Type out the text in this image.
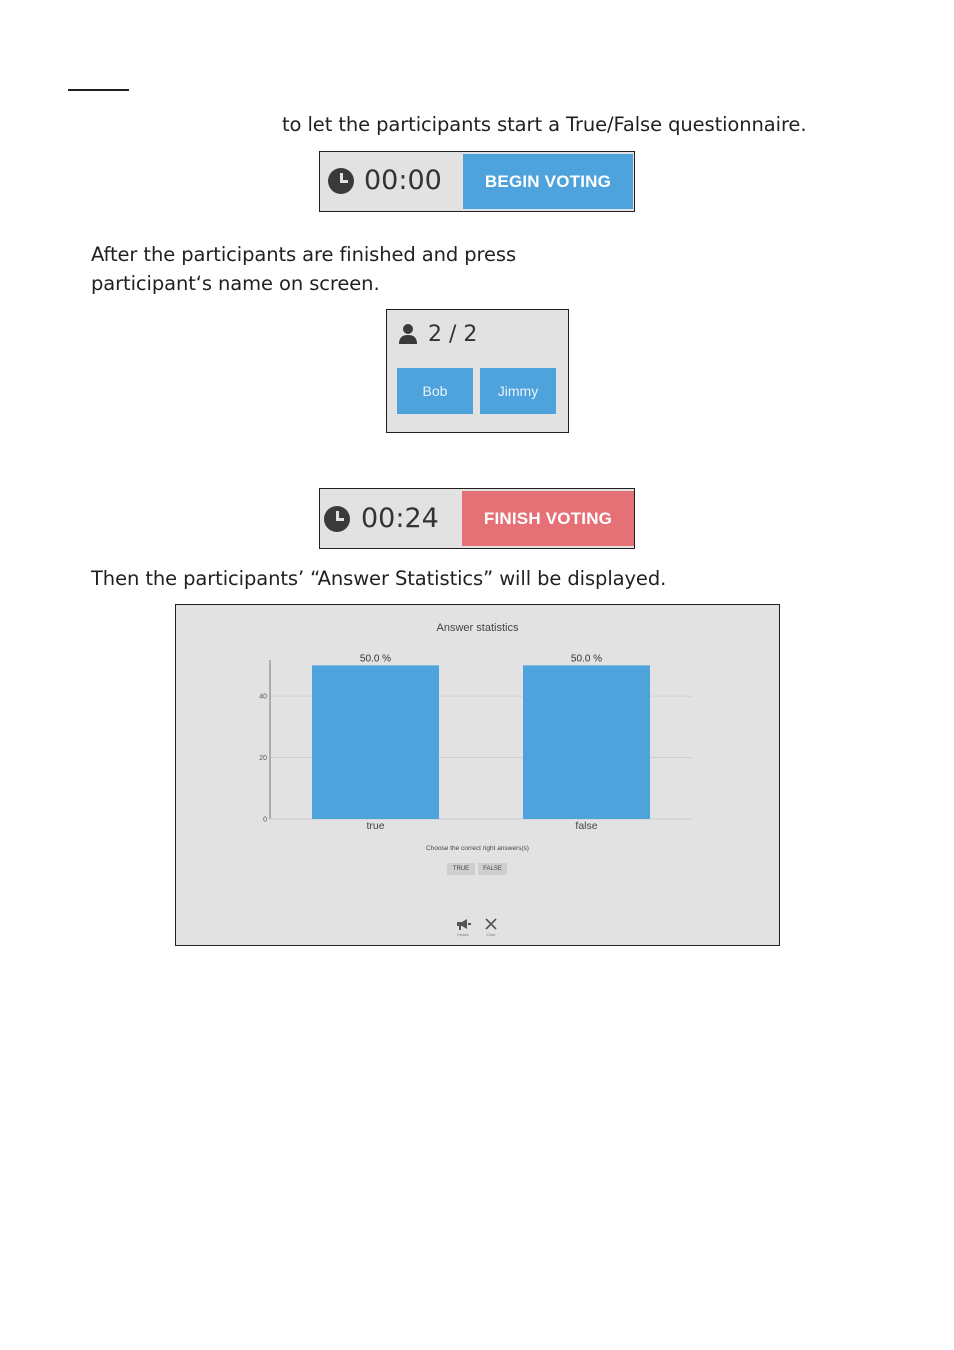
to let the participants start a True/False questionnaire.
00:00	BEGIN VOTING
After the participants are finished and press
participant‘s name on screen.
2 / 2
Bob	Jimmy
00:24	FINISH VOTING
Then the participants’ “Answer Statistics” will be displayed.
Answer statistics
0
20
40
50.0 %
true
50.0 %
false
Choose the correct right answers(s)
TRUE	FALSE
Explain	Close
